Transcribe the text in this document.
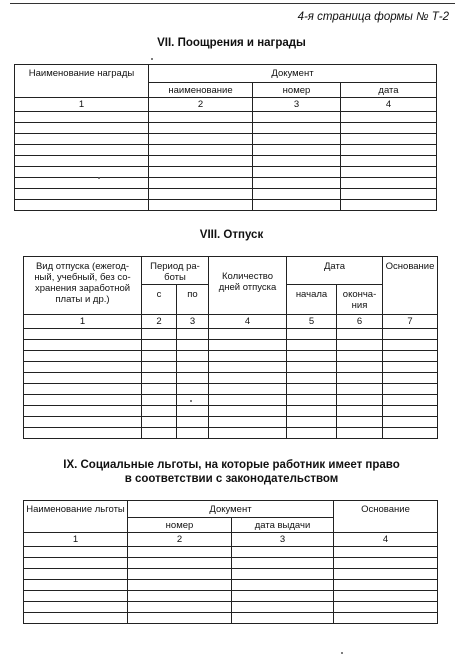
4-я страница формы № Т-2
VII. Поощрения и награды
Наименование награды	Документ		
	наименование	номер	дата
1	2	3	4

VIII. Отпуск
Вид отпуска (ежегод-ный, учебный, без со-хранения заработной платы и др.)	Период ра-боты		Количество дней отпуска	Дата		Основание
	с	по		начала	оконча-ния	
1	2	3	4	5	6	7

IX. Социальные льготы, на которые работник имеет право
в соответствии с законодательством
Наименование льготы	Документ		Основание
	номер	дата выдачи	
1	2	3	4
